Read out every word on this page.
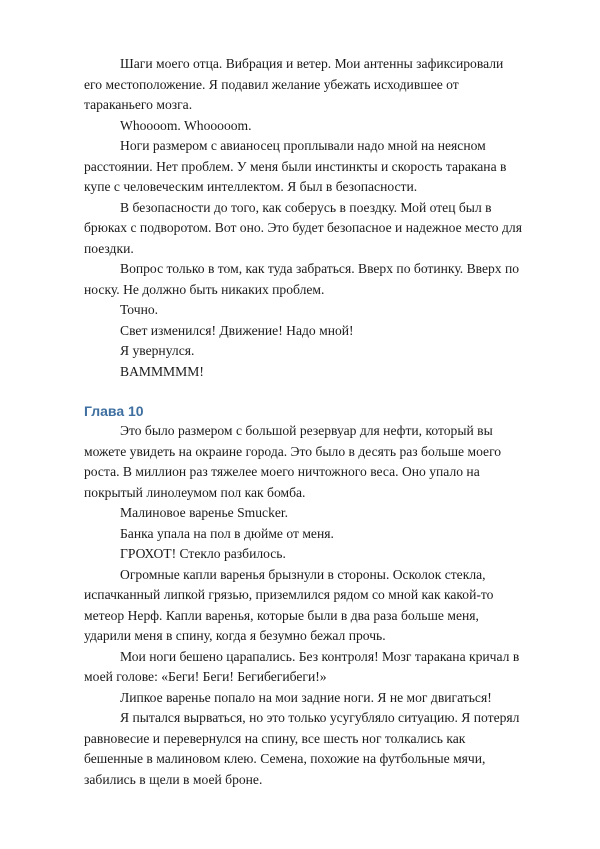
Шаги моего отца. Вибрация и ветер. Мои антенны зафиксировали его местоположение. Я подавил желание убежать исходившее от тараканьего мозга.

Whoooom. Whooooom.

Ноги размером с авианосец проплывали надо мной на неясном расстоянии. Нет проблем. У меня были инстинкты и скорость таракана в купе с человеческим интеллектом. Я был в безопасности.

В безопасности до того, как соберусь в поездку. Мой отец был в брюках с подворотом. Вот оно. Это будет безопасное и надежное место для поездки.

Вопрос только в том, как туда забраться. Вверх по ботинку. Вверх по носку. Не должно быть никаких проблем.

Точно.

Свет изменился! Движение! Надо мной!

Я увернулся.

BAMMMMM!

Глава 10

Это было размером с большой резервуар для нефти, который вы можете увидеть на окраине города. Это было в десять раз больше моего роста. В миллион раз тяжелее моего ничтожного веса. Оно упало на покрытый линолеумом пол как бомба.

Малиновое варенье Smucker.

Банка упала на пол в дюйме от меня.

ГРОХОТ! Стекло разбилось.

Огромные капли варенья брызнули в стороны. Осколок стекла, испачканный липкой грязью, приземлился рядом со мной как какой-то метеор Нерф. Капли варенья, которые были в два раза больше меня, ударили меня в спину, когда я безумно бежал прочь.

Мои ноги бешено царапались. Без контроля! Мозг таракана кричал в моей голове: «Беги! Беги! Бегибегибеги!»

Липкое варенье попало на мои задние ноги. Я не мог двигаться!

Я пытался вырваться, но это только усугубляло ситуацию. Я потерял равновесие и перевернулся на спину, все шесть ног толкались как бешенные в малиновом клею. Семена, похожие на футбольные мячи, забились в щели в моей броне.
